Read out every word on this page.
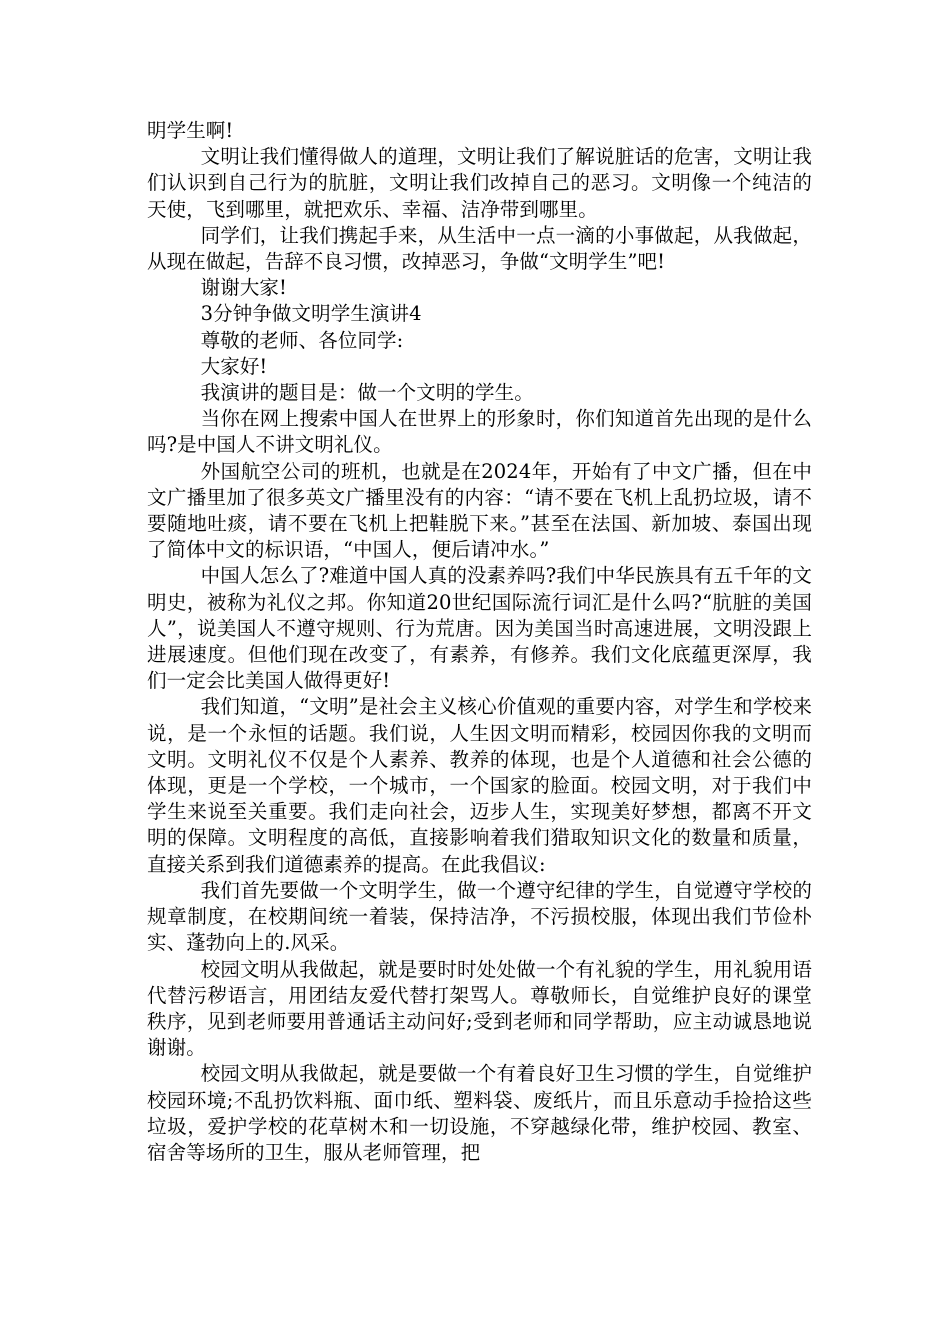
明学生啊!

文明让我们懂得做人的道理，文明让我们了解说脏话的危害，文明让我们认识到自己行为的肮脏，文明让我们改掉自己的恶习。文明像一个纯洁的天使，飞到哪里，就把欢乐、幸福、洁净带到哪里。

同学们，让我们携起手来，从生活中一点一滴的小事做起，从我做起，从现在做起，告辞不良习惯，改掉恶习，争做“文明学生”吧!

谢谢大家!

3分钟争做文明学生演讲4

尊敬的老师、各位同学:

大家好!

我演讲的题目是：做一个文明的学生。

当你在网上搜索中国人在世界上的形象时，你们知道首先出现的是什么吗?是中国人不讲文明礼仪。

外国航空公司的班机，也就是在2024年，开始有了中文广播，但在中文广播里加了很多英文广播里没有的内容：“请不要在飞机上乱扔垃圾，请不要随地吐痰，请不要在飞机上把鞋脱下来。”甚至在法国、新加坡、泰国出现了简体中文的标识语，“中国人，便后请冲水。”

中国人怎么了?难道中国人真的没素养吗?我们中华民族具有五千年的文明史，被称为礼仪之邦。你知道20世纪国际流行词汇是什么吗?“肮脏的美国人”，说美国人不遵守规则、行为荒唐。因为美国当时高速进展，文明没跟上进展速度。但他们现在改变了，有素养，有修养。我们文化底蕴更深厚，我们一定会比美国人做得更好!

我们知道，“文明”是社会主义核心价值观的重要内容，对学生和学校来说，是一个永恒的话题。我们说，人生因文明而精彩，校园因你我的文明而文明。文明礼仪不仅是个人素养、教养的体现，也是个人道德和社会公德的体现，更是一个学校，一个城市，一个国家的脸面。校园文明，对于我们中学生来说至关重要。我们走向社会，迈步人生，实现美好梦想，都离不开文明的保障。文明程度的高低，直接影响着我们猎取知识文化的数量和质量，直接关系到我们道德素养的提高。在此我倡议:

我们首先要做一个文明学生，做一个遵守纪律的学生，自觉遵守学校的规章制度，在校期间统一着装，保持洁净，不污损校服，体现出我们节俭朴实、蓬勃向上的.风采。

校园文明从我做起，就是要时时处处做一个有礼貌的学生，用礼貌用语代替污秽语言，用团结友爱代替打架骂人。尊敬师长，自觉维护良好的课堂秩序，见到老师要用普通话主动问好;受到老师和同学帮助，应主动诚恳地说谢谢。

校园文明从我做起，就是要做一个有着良好卫生习惯的学生，自觉维护校园环境;不乱扔饮料瓶、面巾纸、塑料袋、废纸片，而且乐意动手捡拾这些垃圾，爱护学校的花草树木和一切设施，不穿越绿化带，维护校园、教室、宿舍等场所的卫生，服从老师管理，把
